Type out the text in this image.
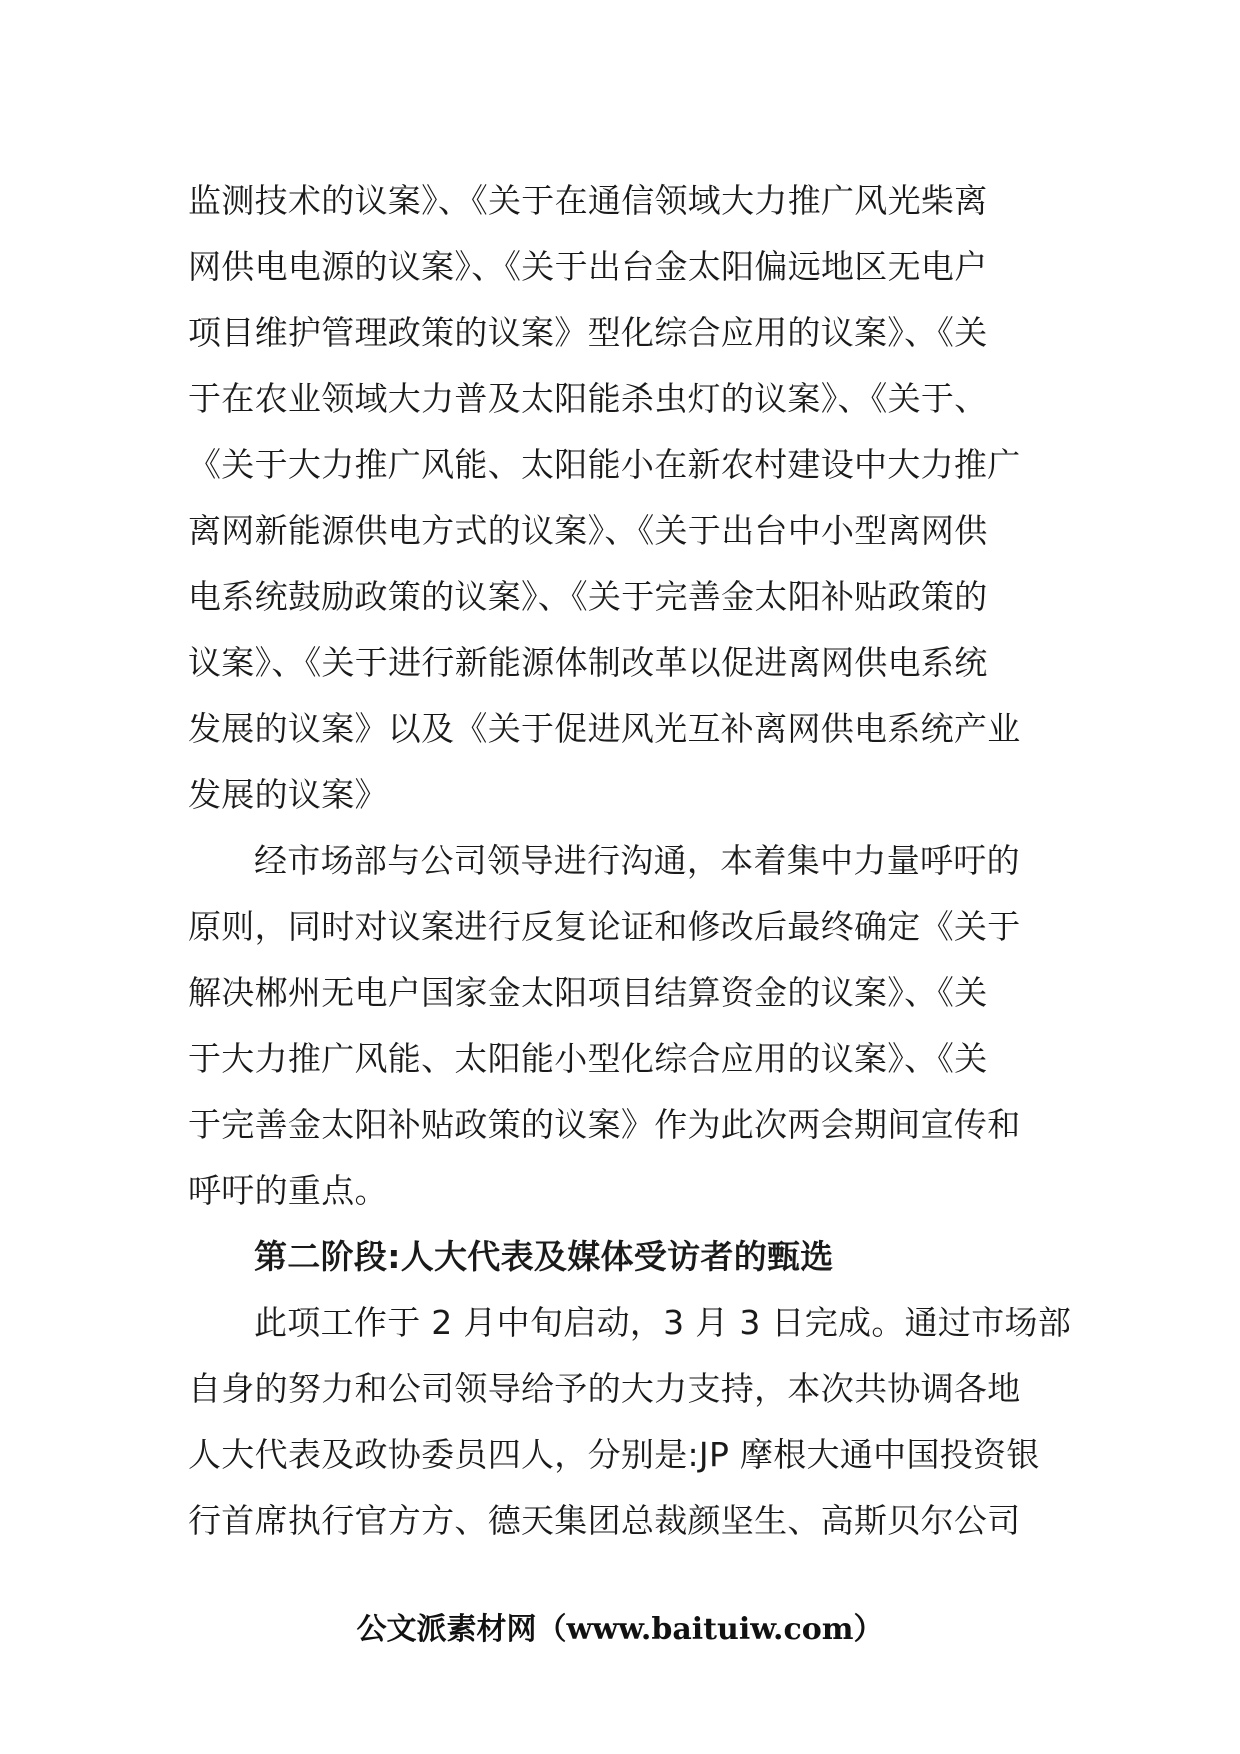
监测技术的议案》、《关于在通信领域大力推广风光柴离
网供电电源的议案》、《关于出台金太阳偏远地区无电户
项目维护管理政策的议案》型化综合应用的议案》、《关
于在农业领域大力普及太阳能杀虫灯的议案》、《关于、
《关于大力推广风能、太阳能小在新农村建设中大力推广
离网新能源供电方式的议案》、《关于出台中小型离网供
电系统鼓励政策的议案》、《关于完善金太阳补贴政策的
议案》、《关于进行新能源体制改革以促进离网供电系统
发展的议案》以及《关于促进风光互补离网供电系统产业
发展的议案》
经市场部与公司领导进行沟通，本着集中力量呼吁的
原则，同时对议案进行反复论证和修改后最终确定《关于
解决郴州无电户国家金太阳项目结算资金的议案》、《关
于大力推广风能、太阳能小型化综合应用的议案》、《关
于完善金太阳补贴政策的议案》作为此次两会期间宣传和
呼吁的重点。
第二阶段:人大代表及媒体受访者的甄选
此项工作于 2 月中旬启动，3 月 3 日完成。通过市场部
自身的努力和公司领导给予的大力支持，本次共协调各地
人大代表及政协委员四人，分别是:JP 摩根大通中国投资银
行首席执行官方方、德天集团总裁颜坚生、高斯贝尔公司
公文派素材网（www.baituiw.com）
